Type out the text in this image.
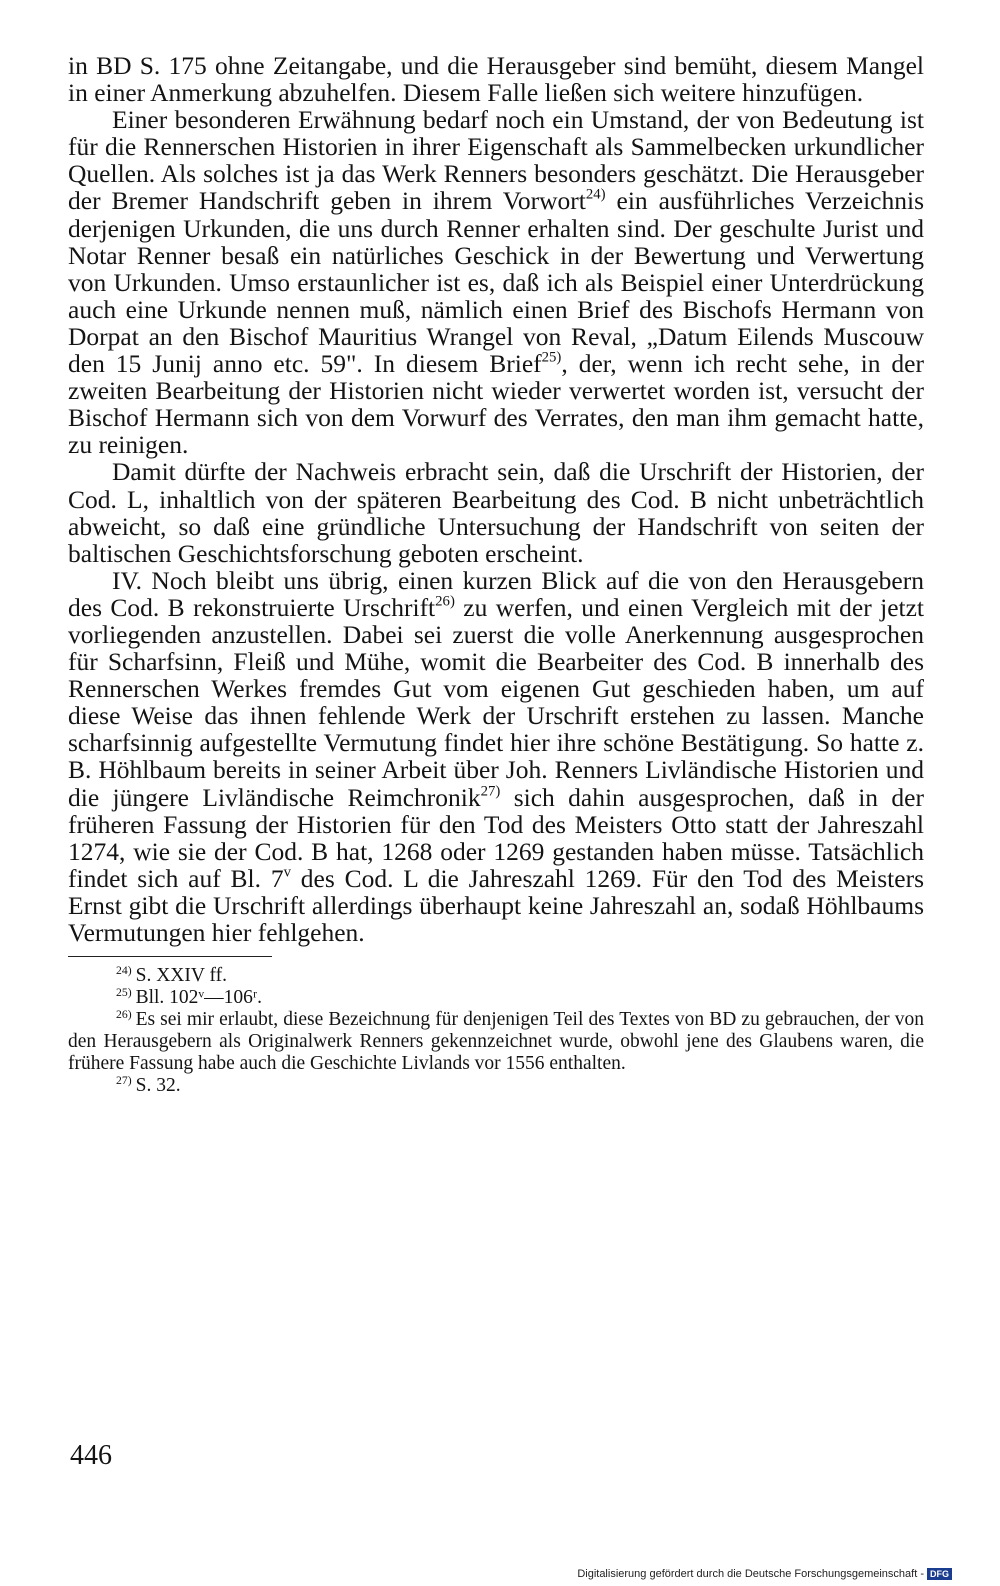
in BD S. 175 ohne Zeitangabe, und die Herausgeber sind bemüht, diesem Mangel in einer Anmerkung abzuhelfen. Diesem Falle ließen sich weitere hinzufügen.

Einer besonderen Erwähnung bedarf noch ein Umstand, der von Bedeutung ist für die Rennerschen Historien in ihrer Eigenschaft als Sammelbecken urkundlicher Quellen. Als solches ist ja das Werk Renners besonders geschätzt. Die Herausgeber der Bremer Handschrift geben in ihrem Vorwort$^{24)}$ ein ausführliches Verzeichnis derjenigen Urkunden, die uns durch Renner erhalten sind. Der geschulte Jurist und Notar Renner besaß ein natürliches Geschick in der Bewertung und Verwertung von Urkunden. Umso erstaunlicher ist es, daß ich als Beispiel einer Unterdrückung auch eine Urkunde nennen muß, nämlich einen Brief des Bischofs Hermann von Dorpat an den Bischof Mauritius Wrangel von Reval, „Datum Eilends Muscouw den 15 Junij anno etc. 59". In diesem Brief$^{25)}$, der, wenn ich recht sehe, in der zweiten Bearbeitung der Historien nicht wieder verwertet worden ist, versucht der Bischof Hermann sich von dem Vorwurf des Verrates, den man ihm gemacht hatte, zu reinigen.

Damit dürfte der Nachweis erbracht sein, daß die Urschrift der Historien, der Cod. L, inhaltlich von der späteren Bearbeitung des Cod. B nicht unbeträchtlich abweicht, so daß eine gründliche Untersuchung der Handschrift von seiten der baltischen Geschichtsforschung geboten erscheint.

IV. Noch bleibt uns übrig, einen kurzen Blick auf die von den Herausgebern des Cod. B rekonstruierte Urschrift$^{26)}$ zu werfen, und einen Vergleich mit der jetzt vorliegenden anzustellen. Dabei sei zuerst die volle Anerkennung ausgesprochen für Scharfsinn, Fleiß und Mühe, womit die Bearbeiter des Cod. B innerhalb des Rennerschen Werkes fremdes Gut vom eigenen Gut geschieden haben, um auf diese Weise das ihnen fehlende Werk der Urschrift erstehen zu lassen. Manche scharfsinnig aufgestellte Vermutung findet hier ihre schöne Bestätigung. So hatte z. B. Höhlbaum bereits in seiner Arbeit über Joh. Renners Livländische Historien und die jüngere Livländische Reimchronik$^{27)}$ sich dahin ausgesprochen, daß in der früheren Fassung der Historien für den Tod des Meisters Otto statt der Jahreszahl 1274, wie sie der Cod. B hat, 1268 oder 1269 gestanden haben müsse. Tatsächlich findet sich auf Bl. 7$^v$ des Cod. L die Jahreszahl 1269. Für den Tod des Meisters Ernst gibt die Urschrift allerdings überhaupt keine Jahreszahl an, sodaß Höhlbaums Vermutungen hier fehlgehen.

$^{24)}$ S. XXIV ff.

$^{25)}$ Bll. 102ᵛ—106ʳ.

$^{26)}$ Es sei mir erlaubt, diese Bezeichnung für denjenigen Teil des Textes von BD zu gebrauchen, der von den Herausgebern als Originalwerk Renners gekennzeichnet wurde, obwohl jene des Glaubens waren, die frühere Fassung habe auch die Geschichte Livlands vor 1556 enthalten.

$^{27)}$ S. 32.

446
Digitalisierung gefördert durch die Deutsche Forschungsgemeinschaft - DFG
